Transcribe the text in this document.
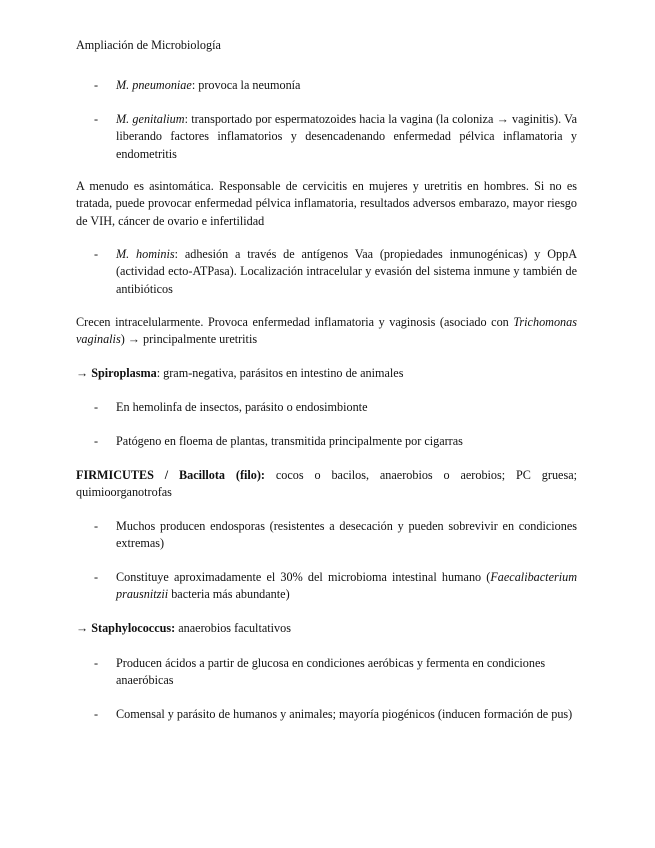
Ampliación de Microbiología
- M. pneumoniae: provoca la neumonía
- M. genitalium: transportado por espermatozoides hacia la vagina (la coloniza → vaginitis). Va liberando factores inflamatorios y desencadenando enfermedad pélvica inflamatoria y endometritis
A menudo es asintomática. Responsable de cervicitis en mujeres y uretritis en hombres. Si no es tratada, puede provocar enfermedad pélvica inflamatoria, resultados adversos embarazo, mayor riesgo de VIH, cáncer de ovario e infertilidad
- M. hominis: adhesión a través de antígenos Vaa (propiedades inmunogénicas) y OppA (actividad ecto-ATPasa). Localización intracelular y evasión del sistema inmune y también de antibióticos
Crecen intracelularmente. Provoca enfermedad inflamatoria y vaginosis (asociado con Trichomonas vaginalis) → principalmente uretritis
→ Spiroplasma: gram-negativa, parásitos en intestino de animales
- En hemolinfa de insectos, parásito o endosimbionte
- Patógeno en floema de plantas, transmitida principalmente por cigarras
FIRMICUTES / Bacillota (filo): cocos o bacilos, anaerobios o aerobios; PC gruesa; quimioorganotrofas
- Muchos producen endosporas (resistentes a desecación y pueden sobrevivir en condiciones extremas)
- Constituye aproximadamente el 30% del microbioma intestinal humano (Faecalibacterium prausnitzii bacteria más abundante)
→ Staphylococcus: anaerobios facultativos
- Producen ácidos a partir de glucosa en condiciones aeróbicas y fermenta en condiciones anaeróbicas
- Comensal y parásito de humanos y animales; mayoría piogénicos (inducen formación de pus)
